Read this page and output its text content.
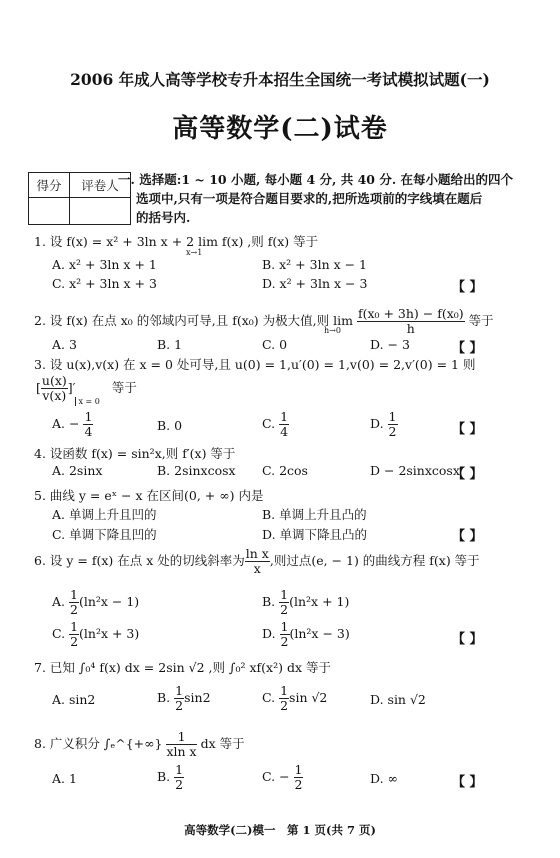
2006 年成人高等学校专升本招生全国统一考试模拟试题(一)
高等数学(二)试卷
得分	评卷人
	一. 选择题:1 ~ 10 小题, 每小题 4 分, 共 40 分. 在每小题给出的四个
选项中,只有一项是符合题目要求的,把所选项前的字线填在题后
的括号内.
1. 设 f(x) = x² + 3ln x + 2 lim f(x) ,则 f(x) 等于
x→1
A. x² + 3ln x + 1	B. x² + 3ln x − 1
C. x² + 3ln x + 3	D. x² + 3ln x − 3	【 】
2. 设 f(x) 在点 x₀ 的邻域内可导,且 f(x₀) 为极大值,则 $\lim \frac{\text{f(x₀ + 3h) − f(x₀)}}{h}$ 等于
h→0
A. 3	B. 1	C. 0	D. − 3	【 】
3. 设 u(x),v(x) 在 x = 0 处可导,且 u(0) = 1,u′(0) = 1,v(0) = 2,v′(0) = 1 则
[ $\frac{u(x)}{v(x)} ]'_{x = 0}$ 等于
A. − $\frac{1}{4}$	B. 0	C. $\frac{1}{4}$	D. $\frac{1}{2}$	【 】
4. 设函数 f(x) = sin²x,则 f′(x) 等于
A. 2sinx	B. 2sinxcosx C. 2cos	D − 2sinxcosx
【 】
5. 曲线 y = eˣ − x 在区间(0, + ∞) 内是
A. 单调上升且凹的	B. 单调上升且凸的
C. 单调下降且凹的	D. 单调下降且凸的	【 】
6. 设 y = f(x) 在点 x 处的切线斜率为 $\frac{\text{ln x}}{x}$ ,则过点(e, − 1) 的曲线方程 f(x) 等于
A. $\frac{1}{2} (\ln^2x - 1)$	B. $\frac{1}{2} (\ln^2x + 1)$
C. $\frac{1}{2} (\ln^2x + 3)$	D. $\frac{1}{2} (\ln^2x - 3)$	【 】
7. 已知 ∫₀⁴ f(x) dx = 2sin √2 ,则 ∫₀² xf(x²) dx 等于
A. sin2	B. $\frac{1}{2} \sin 2$	C. $\frac{1}{2}$ sin √2	D. sin √2
8. 广义积分 ∫ₑ^{+∞} $\frac{1}{\text{xln x}}$ dx 等于
A. 1	B. $\frac{1}{2}$	C. − $\frac{1}{2}$	D. ∞	【 】
高等数学(二)模一　第 1 页(共 7 页)
